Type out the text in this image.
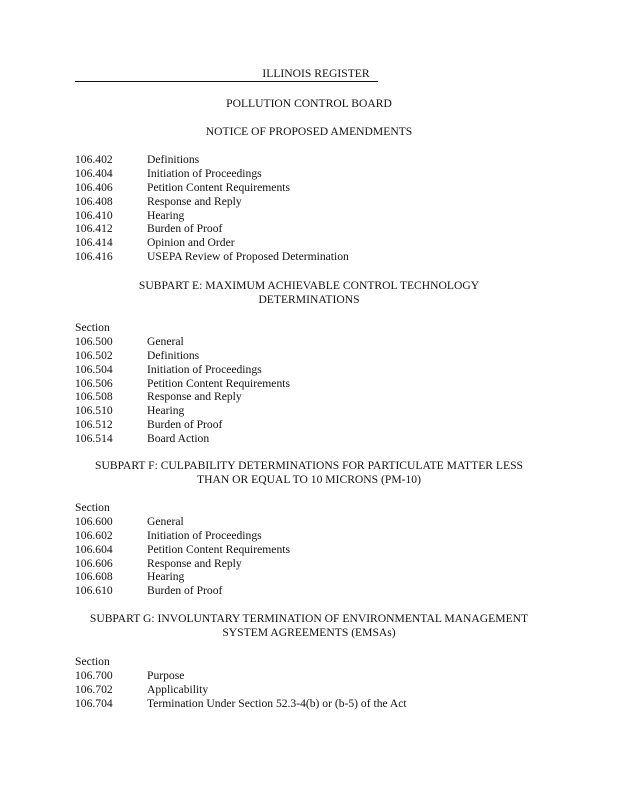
ILLINOIS REGISTER
POLLUTION CONTROL BOARD
NOTICE OF PROPOSED AMENDMENTS
106.402	Definitions
106.404	Initiation of Proceedings
106.406	Petition Content Requirements
106.408	Response and Reply
106.410	Hearing
106.412	Burden of Proof
106.414	Opinion and Order
106.416	USEPA Review of Proposed Determination
SUBPART E: MAXIMUM ACHIEVABLE CONTROL TECHNOLOGY
DETERMINATIONS
Section
106.500	General
106.502	Definitions
106.504	Initiation of Proceedings
106.506	Petition Content Requirements
106.508	Response and Reply
106.510	Hearing
106.512	Burden of Proof
106.514	Board Action
SUBPART F: CULPABILITY DETERMINATIONS FOR PARTICULATE MATTER LESS
THAN OR EQUAL TO 10 MICRONS (PM-10)
Section
106.600	General
106.602	Initiation of Proceedings
106.604	Petition Content Requirements
106.606	Response and Reply
106.608	Hearing
106.610	Burden of Proof
SUBPART G: INVOLUNTARY TERMINATION OF ENVIRONMENTAL MANAGEMENT
SYSTEM AGREEMENTS (EMSAs)
Section
106.700	Purpose
106.702	Applicability
106.704	Termination Under Section 52.3-4(b) or (b-5) of the Act
